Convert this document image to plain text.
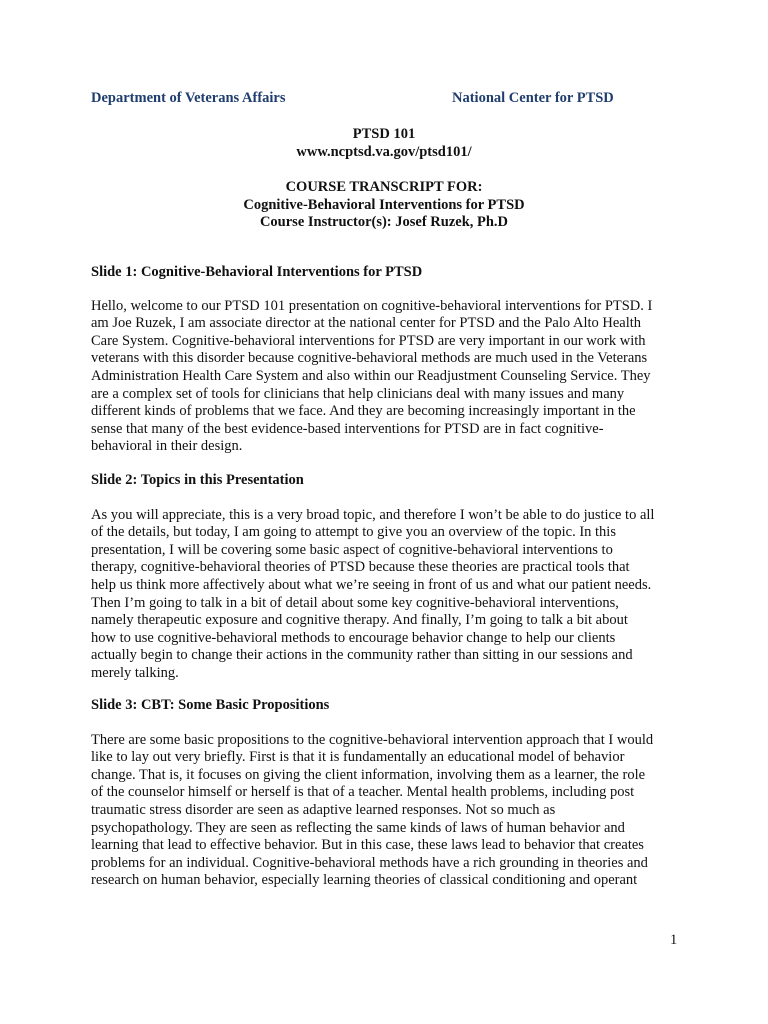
Department of Veterans Affairs	National Center for PTSD
PTSD 101
www.ncptsd.va.gov/ptsd101/
COURSE TRANSCRIPT FOR:
Cognitive-Behavioral Interventions for PTSD
Course Instructor(s): Josef Ruzek, Ph.D
Slide 1: Cognitive-Behavioral Interventions for PTSD
Hello, welcome to our PTSD 101 presentation on cognitive-behavioral interventions for PTSD. I
am Joe Ruzek, I am associate director at the national center for PTSD and the Palo Alto Health
Care System. Cognitive-behavioral interventions for PTSD are very important in our work with
veterans with this disorder because cognitive-behavioral methods are much used in the Veterans
Administration Health Care System and also within our Readjustment Counseling Service. They
are a complex set of tools for clinicians that help clinicians deal with many issues and many
different kinds of problems that we face. And they are becoming increasingly important in the
sense that many of the best evidence-based interventions for PTSD are in fact cognitive-
behavioral in their design.
Slide 2: Topics in this Presentation
As you will appreciate, this is a very broad topic, and therefore I won’t be able to do justice to all
of the details, but today, I am going to attempt to give you an overview of the topic. In this
presentation, I will be covering some basic aspect of cognitive-behavioral interventions to
therapy, cognitive-behavioral theories of PTSD because these theories are practical tools that
help us think more affectively about what we’re seeing in front of us and what our patient needs.
Then I’m going to talk in a bit of detail about some key cognitive-behavioral interventions,
namely therapeutic exposure and cognitive therapy. And finally, I’m going to talk a bit about
how to use cognitive-behavioral methods to encourage behavior change to help our clients
actually begin to change their actions in the community rather than sitting in our sessions and
merely talking.
Slide 3: CBT: Some Basic Propositions
There are some basic propositions to the cognitive-behavioral intervention approach that I would
like to lay out very briefly. First is that it is fundamentally an educational model of behavior
change. That is, it focuses on giving the client information, involving them as a learner, the role
of the counselor himself or herself is that of a teacher. Mental health problems, including post
traumatic stress disorder are seen as adaptive learned responses. Not so much as
psychopathology. They are seen as reflecting the same kinds of laws of human behavior and
learning that lead to effective behavior. But in this case, these laws lead to behavior that creates
problems for an individual. Cognitive-behavioral methods have a rich grounding in theories and
research on human behavior, especially learning theories of classical conditioning and operant
1
